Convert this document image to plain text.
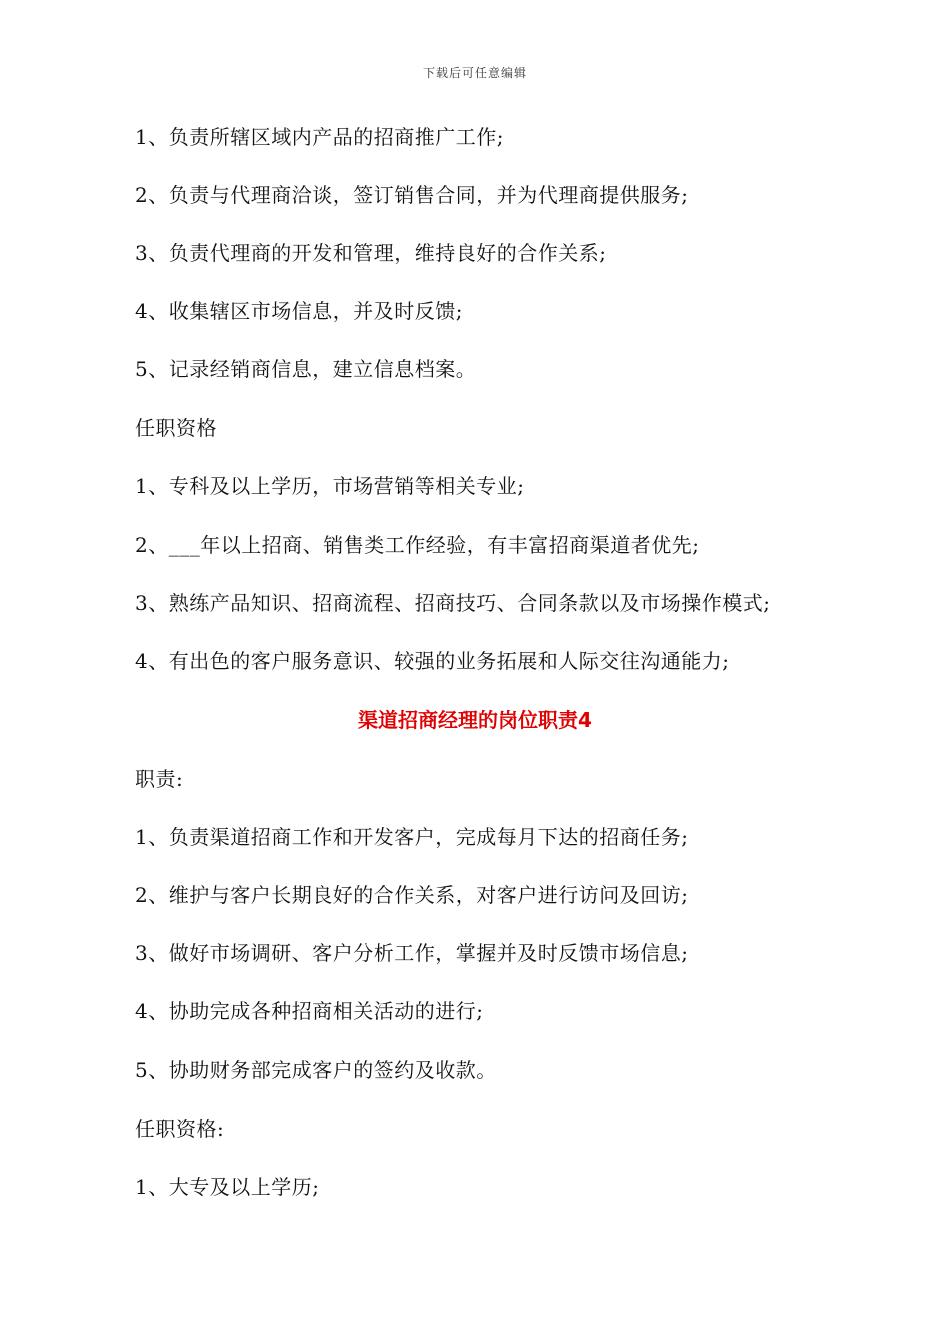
下载后可任意编辑
1、负责所辖区域内产品的招商推广工作;
2、负责与代理商洽谈，签订销售合同，并为代理商提供服务;
3、负责代理商的开发和管理，维持良好的合作关系;
4、收集辖区市场信息，并及时反馈;
5、记录经销商信息，建立信息档案。
任职资格
1、专科及以上学历，市场营销等相关专业;
2、___年以上招商、销售类工作经验，有丰富招商渠道者优先;
3、熟练产品知识、招商流程、招商技巧、合同条款以及市场操作模式;
4、有出色的客户服务意识、较强的业务拓展和人际交往沟通能力;
渠道招商经理的岗位职责4
职责:
1、负责渠道招商工作和开发客户，完成每月下达的招商任务;
2、维护与客户长期良好的合作关系，对客户进行访问及回访;
3、做好市场调研、客户分析工作，掌握并及时反馈市场信息;
4、协助完成各种招商相关活动的进行;
5、协助财务部完成客户的签约及收款。
任职资格:
1、大专及以上学历;
